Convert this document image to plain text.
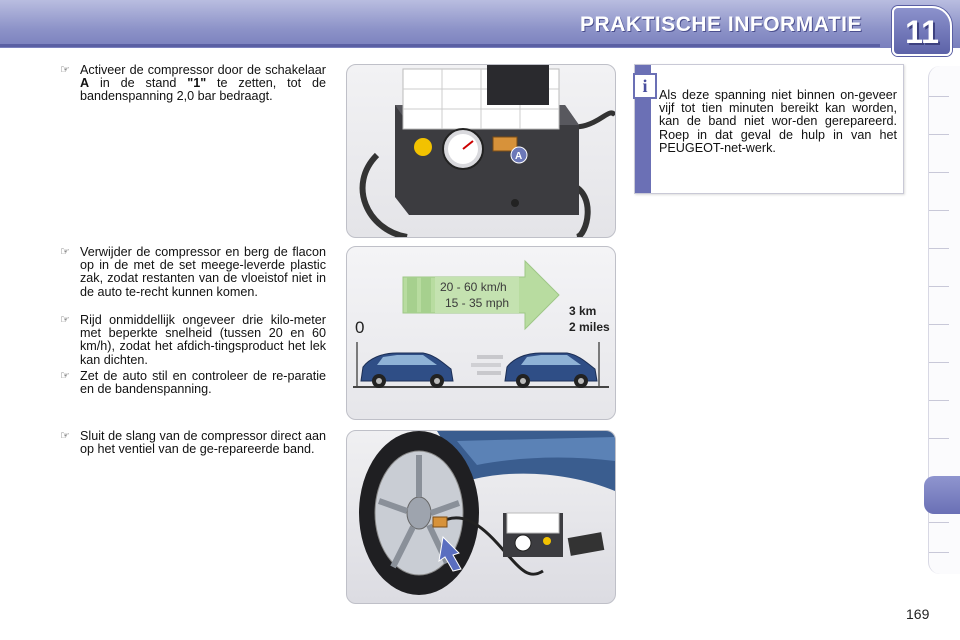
PRAKTISCHE INFORMATIE	11
☞ Activeer de compressor door de schakelaar A in de stand "1" te zetten, tot de bandenspanning 2,0 bar bedraagt.
☞ Verwijder de compressor en berg de flacon op in de met de set meege-leverde plastic zak, zodat restanten van de vloeistof niet in de auto te-recht kunnen komen.
☞ Rijd onmiddellijk ongeveer drie kilo-meter met beperkte snelheid (tussen 20 en 60 km/h), zodat het afdich-tingsproduct het lek kan dichten.
☞ Zet de auto stil en controleer de re-paratie en de bandenspanning.
☞ Sluit de slang van de compressor direct aan op het ventiel van de ge-repareerde band.
i Als deze spanning niet binnen on-geveer vijf tot tien minuten bereikt kan worden, kan de band niet wor-den gerepareerd. Roep in dat geval de hulp in van het PEUGEOT-net-werk.
A
20 - 60 km/h
15 - 35 mph
3 km
2 miles
0
169
